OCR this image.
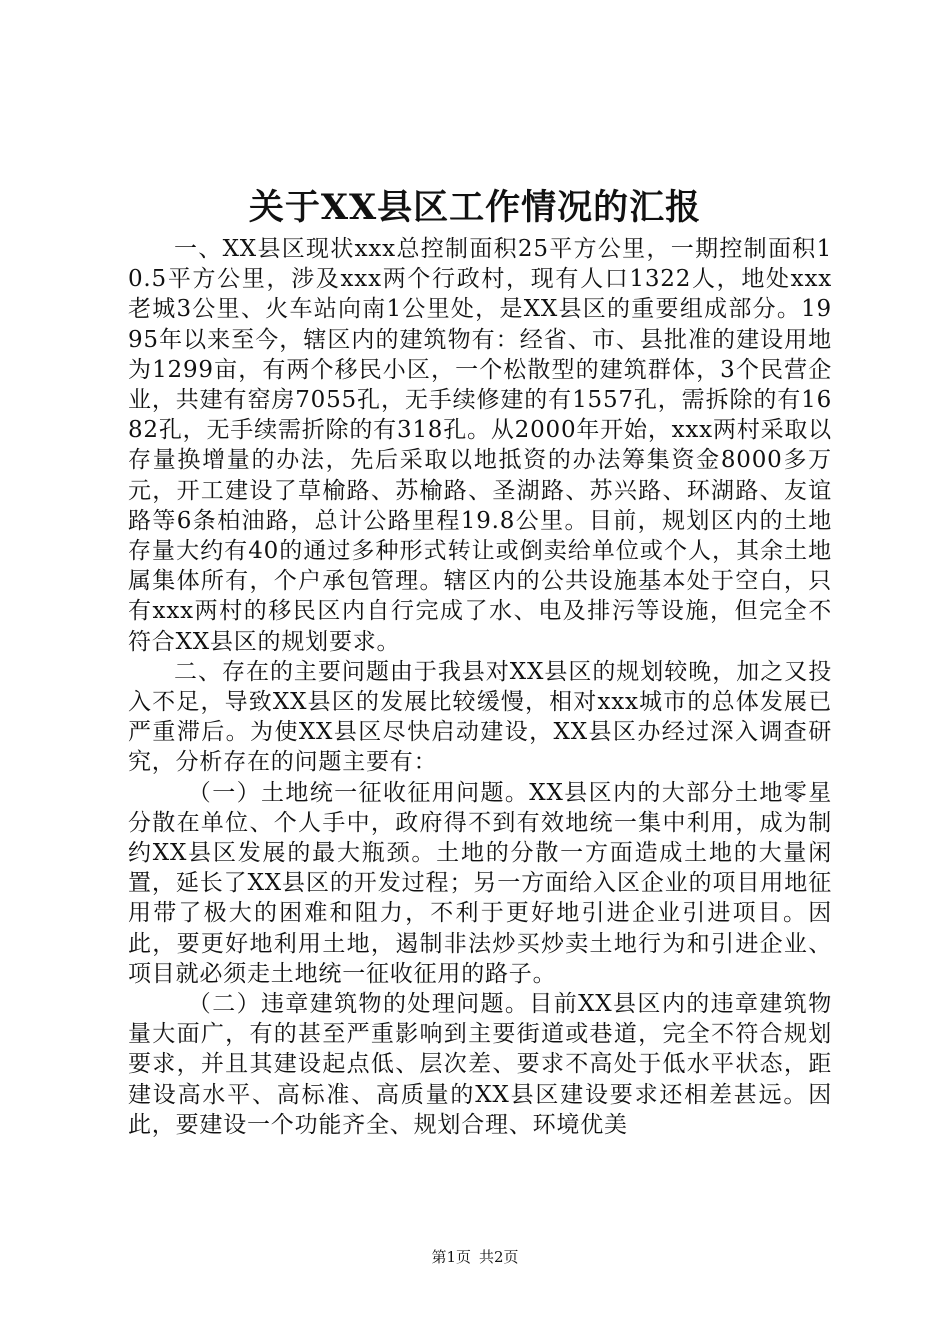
关于XX县区工作情况的汇报

一、XX县区现状xxx总控制面积25平方公里，一期控制面积10.5平方公里，涉及xxx两个行政村，现有人口1322人，地处xxx老城3公里、火车站向南1公里处，是XX县区的重要组成部分。1995年以来至今，辖区内的建筑物有：经省、市、县批准的建设用地为1299亩，有两个移民小区，一个松散型的建筑群体，3个民营企业，共建有窑房7055孔，无手续修建的有1557孔，需拆除的有1682孔，无手续需折除的有318孔。从2000年开始，xxx两村采取以存量换增量的办法，先后采取以地抵资的办法筹集资金8000多万元，开工建设了草榆路、苏榆路、圣湖路、苏兴路、环湖路、友谊路等6条柏油路，总计公路里程19.8公里。目前，规划区内的土地存量大约有40的通过多种形式转让或倒卖给单位或个人，其余土地属集体所有，个户承包管理。辖区内的公共设施基本处于空白，只有xxx两村的移民区内自行完成了水、电及排污等设施，但完全不符合XX县区的规划要求。

二、存在的主要问题由于我县对XX县区的规划较晚，加之又投入不足，导致XX县区的发展比较缓慢，相对xxx城市的总体发展已严重滞后。为使XX县区尽快启动建设，XX县区办经过深入调查研究，分析存在的问题主要有：

（一）土地统一征收征用问题。XX县区内的大部分土地零星分散在单位、个人手中，政府得不到有效地统一集中利用，成为制约XX县区发展的最大瓶颈。土地的分散一方面造成土地的大量闲置，延长了XX县区的开发过程；另一方面给入区企业的项目用地征用带了极大的困难和阻力，不利于更好地引进企业引进项目。因此，要更好地利用土地，遏制非法炒买炒卖土地行为和引进企业、项目就必须走土地统一征收征用的路子。

（二）违章建筑物的处理问题。目前XX县区内的违章建筑物量大面广，有的甚至严重影响到主要街道或巷道，完全不符合规划要求，并且其建设起点低、层次差、要求不高处于低水平状态，距建设高水平、高标准、高质量的XX县区建设要求还相差甚远。因此，要建设一个功能齐全、规划合理、环境优美

第1页 共2页
